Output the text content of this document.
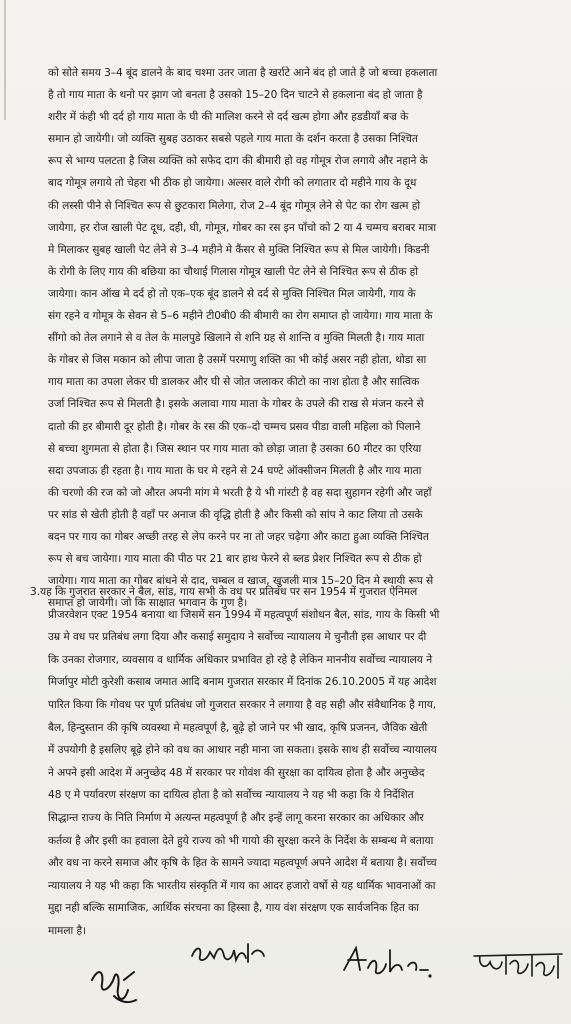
को सोते समय 3–4 बूंद डालने के बाद चश्मा उतर जाता है खर्राटे आने बंद हो जाते है जो बच्चा हकलाता
है तो गाय माता के थनो पर झाग जो बनता है उसको 15–20 दिन चाटने से हकलाना बंद हो जाता है
शरीर में कंही भी दर्द हो गाय माता के घी की मालिश करने से दर्द खत्म होगा और हडडीयाँ बज्र के
समान हो जायेगी। जो व्यक्ति सुबह उठाकर सबसे पहले गाय माता के दर्शन करता है उसका निश्चित
रूप से भाग्य पलटता है जिस व्यक्ति को सफेद दाग की बीमारी हो वह गोमूत्र रोज लगाये और नहाने के
बाद गोमूत्र लगाये तो चेहरा भी ठीक हो जायेगा। अल्सर वाले रोगी को लगातार दो महीने गाय के दूध
की लस्सी पीने से निश्चित रूप से छुटकारा मिलेगा, रोज 2–4 बूंद गोमूत्र लेने से पेट का रोग खत्म हो
जायेगा, हर रोज खाली पेट दूध, दही, घी, गोमूत्र, गोबर का रस इन पाँचो को 2 या 4 चम्मच बराबर मात्रा
मे मिलाकर सुबह खाली पेट लेने से 3–4 महीने मे कैंसर से मुक्ति निश्चित रूप से मिल जायेगी। किडनी
के रोगी के लिए गाय की बछिया का चौथाई गिलास गोमूत्र खाली पेट लेने से निश्चित रूप से ठीक हो
जायेगा। कान ऑख मे दर्द हो तो एक–एक बूंद डालने से दर्द से मुक्ति निश्चित मिल जायेगी, गाय के
संग रहने व गोमूत्र के सेवन से 5–6 महीने टी0बी0 की बीमारी का रोग समाप्त हो जायेगा। गाय माता के
सींगो को तेल लगाने से व तेल के मालपुडे खिलाने से शनि ग्रह से शान्ति व मुक्ति मिलती है। गाय माता
के गोबर से जिस मकान को लीपा जाता है उसमें परमाणु शक्ति का भी कोई असर नही होता, थोडा सा
गाय माता का उपला लेकर घी डालकर और घी से जोत जलाकर कीटो का नाश होता है और सात्विक
उर्जा निश्चित रूप से मिलती है। इसके अलावा गाय माता के गोबर के उपले की राख से मंजन करने से
दातो की हर बीमारी दूर होती है। गोबर के रस की एक–दो चम्मच प्रसव पीडा वाली महिला को पिलाने
से बच्चा शुगमता से होता है। जिस स्थान पर गाय माता को छोड़ा जाता है उसका 60 मीटर का एरिया
सदा उपजाऊ ही रहता है। गाय माता के घर मे रहने से 24 घण्टे ऑक्सीजन मिलती है और गाय माता
की चरणो की रज को जो औरत अपनी मांग मे भरती है ये भी गांरटी है वह सदा सुहागन रहेगी और जहाँ
पर सांड से खेती होती है वहाँ पर अनाज की वृद्धि होती है और किसी को सांप ने काट लिया तो उसके
बदन पर गाय का गोबर अच्छी तरह से लेप करने पर ना तो जहर चढ़ेगा और काटा हुआ व्यक्ति निश्चित
रूप से बच जायेगा। गाय माता की पीठ पर 21 बार हाथ फेरने से ब्लड प्रेशर निश्चित रूप से ठीक हो
जायेगा। गाय माता का गोबर बांधने से दाद, चम्बल व खाज, खुजली मात्र 15–20 दिन मे स्थायी रूप से
समाप्त हो जायेगी। जो कि साक्षात भगवान के गुण है।
3.यह कि गुजरात सरकार ने बैल, सांड, गाय सभी के वध पर प्रतिबंध पर सन 1954 में गुजरात ऐनिमल
प्रीजरवेशन एक्ट 1954 बनाया था जिसमें सन 1994 में महत्वपूर्ण संशोधन बैल, सांड, गाय के किसी भी
उम्र मे वध पर प्रतिबंध लगा दिया और कसाई समुदाय ने सर्वोच्च न्यायालय मे चुनौती इस आधार पर दी
कि उनका रोजगार, व्यवसाय व धार्मिक अधिकार प्रभावित हो रहे है लेकिन माननीय सर्वोच्च न्यायालय ने
मिर्जापुर मोटी कुरेशी कसाब जमात आदि बनाम गुजरात सरकार में दिनांक 26.10.2005 में यह आदेश
पारित किया कि गोवध पर पूर्ण प्रतिबंध जो गुजरात सरकार ने लगाया है वह सही और संवैधानिक है गाय,
बैल, हिन्दुस्तान की कृषि व्यवस्था मे महत्वपूर्ण है, बूढ़े हो जाने पर भी खाद, कृषि प्रजनन, जैविक खेती
में उपयोगी है इसलिए बूढ़े होने को वध का आधार नही माना जा सकता। इसके साथ ही सर्वोच्च न्यायालय
ने अपने इसी आदेश में अनुच्छेद 48 में सरकार पर गोवंश की सुरक्षा का दायित्व होता है और अनुच्छेद
48 ए मे पर्यावरण संरक्षण का दायित्व होता है को सर्वोच्च न्यायालय ने यह भी कहा कि ये निर्देशित
सिद्धान्त राज्य के निति निर्माण मे अत्यन्त महत्वपूर्ण है और इन्हें लागू करना सरकार का अधिकार और
कर्तव्य है और इसी का हवाला देते हुये राज्य को भी गायो की सुरक्षा करने के निर्देश के सम्बन्ध मे बताया
और वध ना करने समाज और कृषि के हित के सामने ज्यादा महत्वपूर्ण अपने आदेश में बताया है। सर्वोच्च
न्यायालय ने यह भी कहा कि भारतीय संस्कृति में गाय का आदर हजारो वर्षो से यह धार्मिक भावनाओं का
मुद्दा नही बल्कि सामाजिक, आर्थिक संरचना का हिस्सा है, गाय वंश संरक्षण एक सार्वजनिक हित का
मामला है।
